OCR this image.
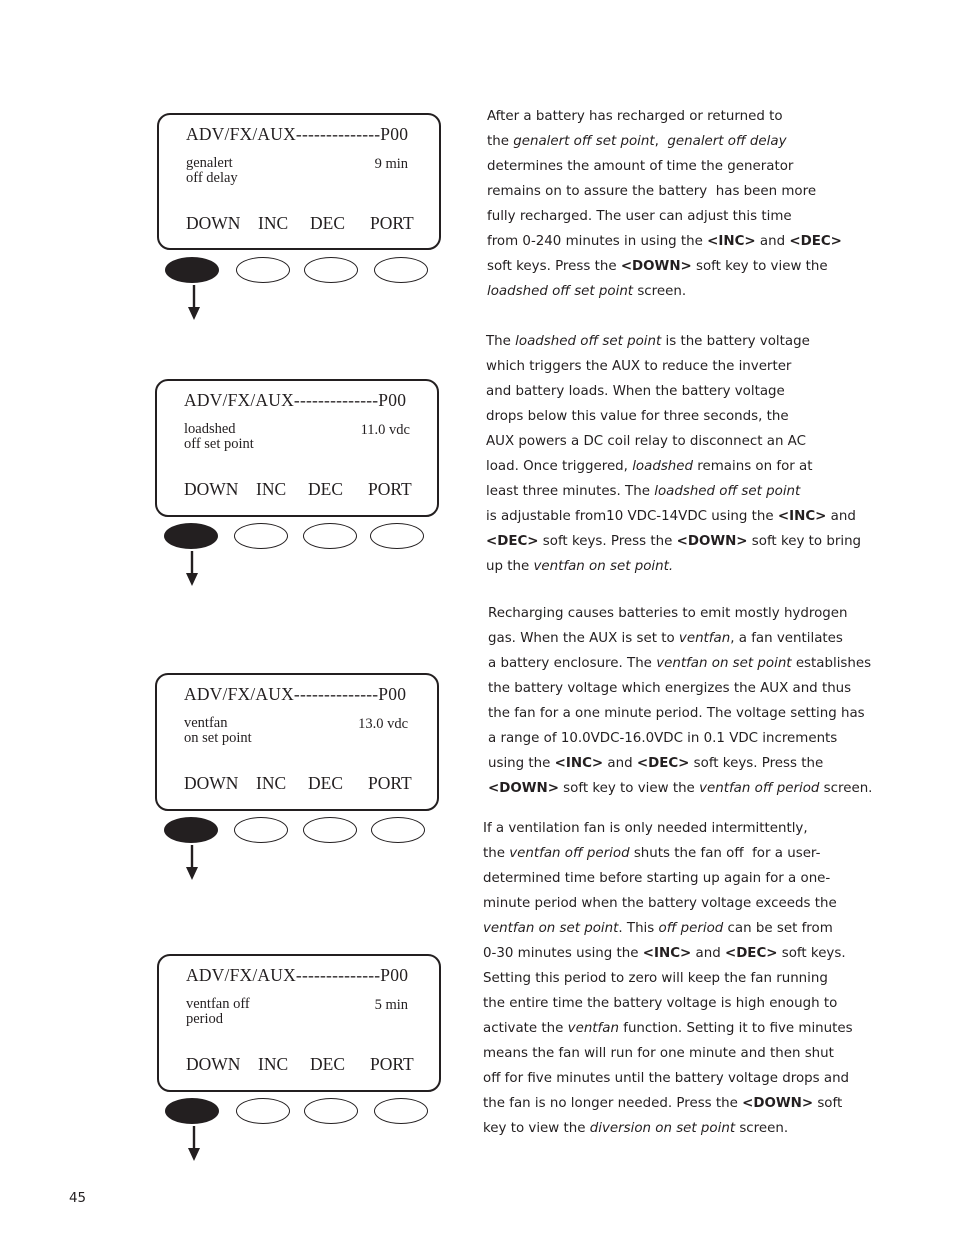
ADV/FX/AUX--------------P00
genalert
off delay
9 min
DOWN INC DEC PORT
ADV/FX/AUX--------------P00
loadshed
off set point
11.0 vdc
DOWN INC DEC PORT
ADV/FX/AUX--------------P00
ventfan
on set point
13.0 vdc
DOWN INC DEC PORT
ADV/FX/AUX--------------P00
ventfan off
period
5 min
DOWN INC DEC PORT
After a battery has recharged or returned to
the genalert off set point,  genalert off delay
determines the amount of time the generator
remains on to assure the battery  has been more
fully recharged. The user can adjust this time
from 0-240 minutes in using the <INC> and <DEC>
soft keys. Press the <DOWN> soft key to view the
loadshed off set point screen.
The loadshed off set point is the battery voltage
which triggers the AUX to reduce the inverter
and battery loads. When the battery voltage
drops below this value for three seconds, the
AUX powers a DC coil relay to disconnect an AC
load. Once triggered, loadshed remains on for at
least three minutes. The loadshed off set point
is adjustable from10 VDC-14VDC using the <INC> and
<DEC> soft keys. Press the <DOWN> soft key to bring
up the ventfan on set point.
Recharging causes batteries to emit mostly hydrogen
gas. When the AUX is set to ventfan, a fan ventilates
a battery enclosure. The ventfan on set point establishes
the battery voltage which energizes the AUX and thus
the fan for a one minute period. The voltage setting has
a range of 10.0VDC-16.0VDC in 0.1 VDC increments
using the <INC> and <DEC> soft keys. Press the
<DOWN> soft key to view the ventfan off period screen.
If a ventilation fan is only needed intermittently,
the ventfan off period shuts the fan off  for a user-
determined time before starting up again for a one-
minute period when the battery voltage exceeds the
ventfan on set point. This off period can be set from
0-30 minutes using the <INC> and <DEC> soft keys.
Setting this period to zero will keep the fan running
the entire time the battery voltage is high enough to
activate the ventfan function. Setting it to five minutes
means the fan will run for one minute and then shut
off for five minutes until the battery voltage drops and
the fan is no longer needed. Press the <DOWN> soft
key to view the diversion on set point screen.
45
